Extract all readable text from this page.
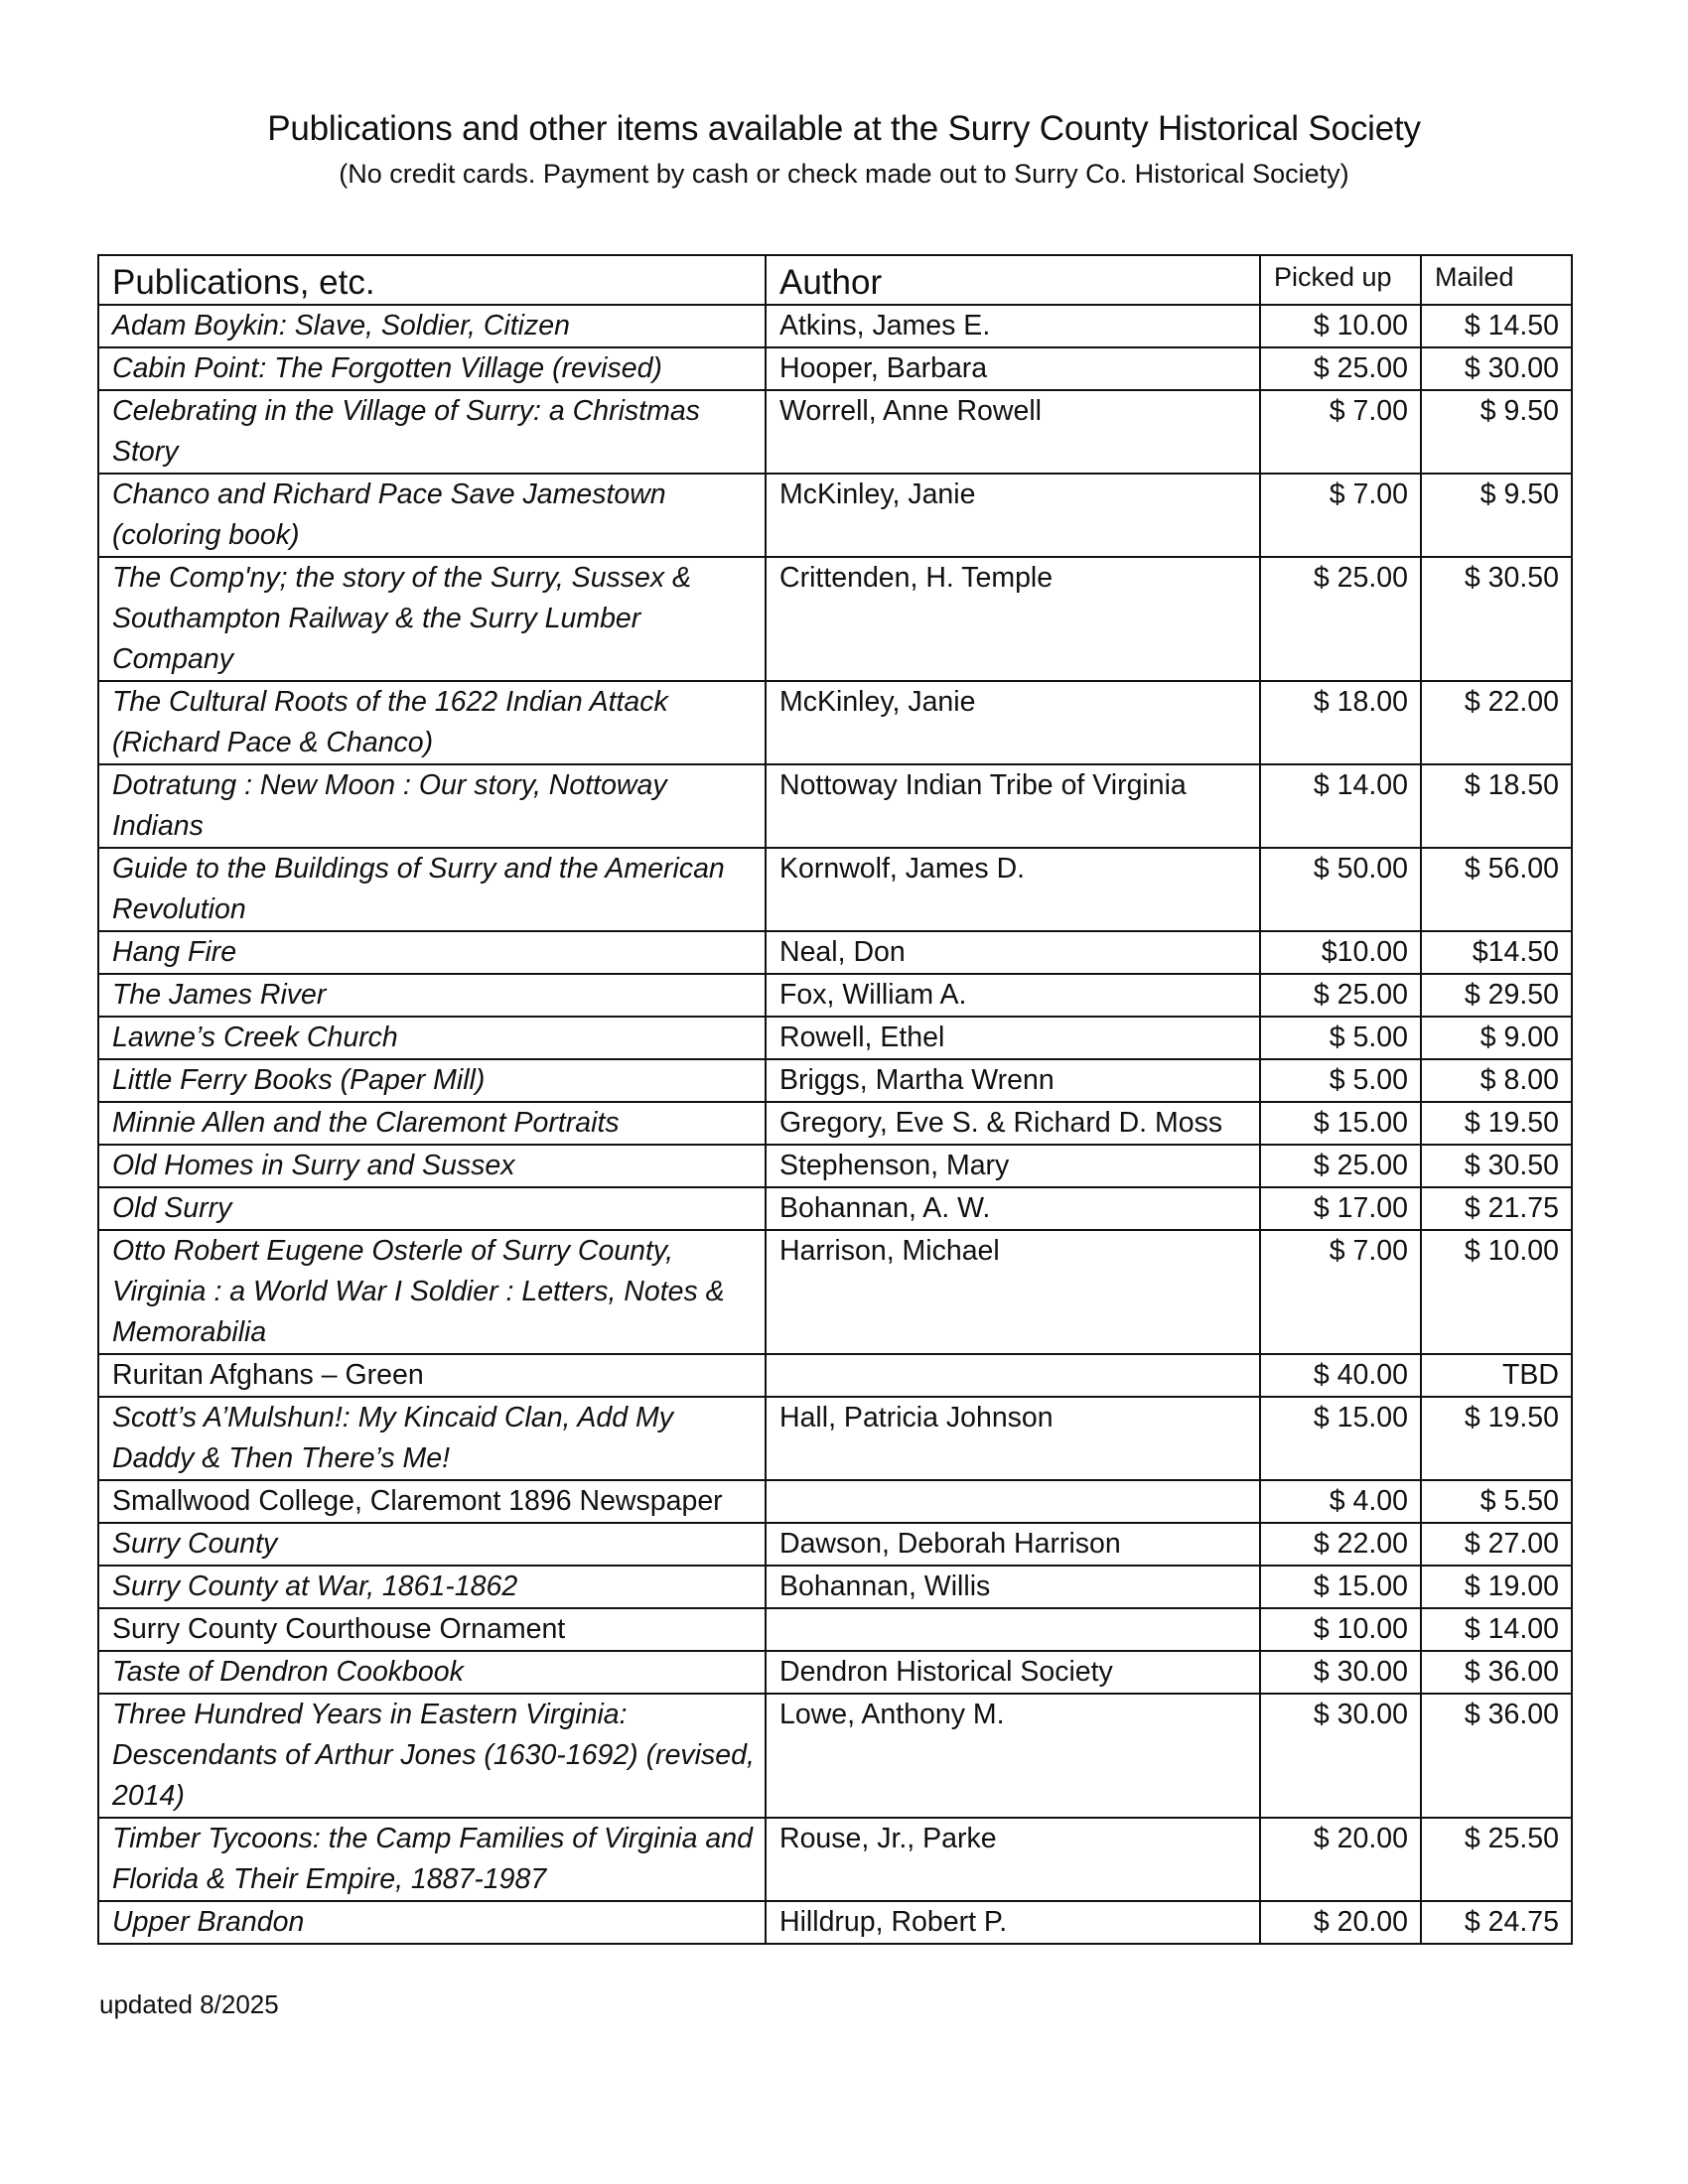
Publications and other items available at the Surry County Historical Society
(No credit cards. Payment by cash or check made out to Surry Co. Historical Society)
Publications, etc.	Author	Picked up	Mailed
Adam Boykin: Slave, Soldier, Citizen	Atkins, James E.	$ 10.00	$ 14.50
Cabin Point: The Forgotten Village (revised)	Hooper, Barbara	$ 25.00	$ 30.00
Celebrating in the Village of Surry: a Christmas Story	Worrell, Anne Rowell	$ 7.00	$ 9.50
Chanco and Richard Pace Save Jamestown (coloring book)	McKinley, Janie	$ 7.00	$ 9.50
The Comp'ny; the story of the Surry, Sussex & Southampton Railway & the Surry Lumber Company	Crittenden, H. Temple	$ 25.00	$ 30.50
The Cultural Roots of the 1622 Indian Attack (Richard Pace & Chanco)	McKinley, Janie	$ 18.00	$ 22.00
Dotratung : New Moon : Our story, Nottoway Indians	Nottoway Indian Tribe of Virginia	$ 14.00	$ 18.50
Guide to the Buildings of Surry and the American Revolution	Kornwolf, James D.	$ 50.00	$ 56.00
Hang Fire	Neal, Don	$10.00	$14.50
The James River	Fox, William A.	$ 25.00	$ 29.50
Lawne’s Creek Church	Rowell, Ethel	$ 5.00	$ 9.00
Little Ferry Books (Paper Mill)	Briggs, Martha Wrenn	$ 5.00	$ 8.00
Minnie Allen and the Claremont Portraits	Gregory, Eve S. & Richard D. Moss	$ 15.00	$ 19.50
Old Homes in Surry and Sussex	Stephenson, Mary	$ 25.00	$ 30.50
Old Surry	Bohannan, A. W.	$ 17.00	$ 21.75
Otto Robert Eugene Osterle of Surry County, Virginia : a World War I Soldier : Letters, Notes & Memorabilia	Harrison, Michael	$ 7.00	$ 10.00
Ruritan Afghans – Green		$ 40.00	TBD
Scott’s A’Mulshun!: My Kincaid Clan, Add My Daddy & Then There’s Me!	Hall, Patricia Johnson	$ 15.00	$ 19.50
Smallwood College, Claremont 1896 Newspaper		$ 4.00	$ 5.50
Surry County	Dawson, Deborah Harrison	$ 22.00	$ 27.00
Surry County at War, 1861-1862	Bohannan, Willis	$ 15.00	$ 19.00
Surry County Courthouse Ornament		$ 10.00	$ 14.00
Taste of Dendron Cookbook	Dendron Historical Society	$ 30.00	$ 36.00
Three Hundred Years in Eastern Virginia: Descendants of Arthur Jones (1630-1692) (revised, 2014)	Lowe, Anthony M.	$ 30.00	$ 36.00
Timber Tycoons: the Camp Families of Virginia and Florida & Their Empire, 1887-1987	Rouse, Jr., Parke	$ 20.00	$ 25.50
Upper Brandon	Hilldrup, Robert P.	$ 20.00	$ 24.75
updated 8/2025
